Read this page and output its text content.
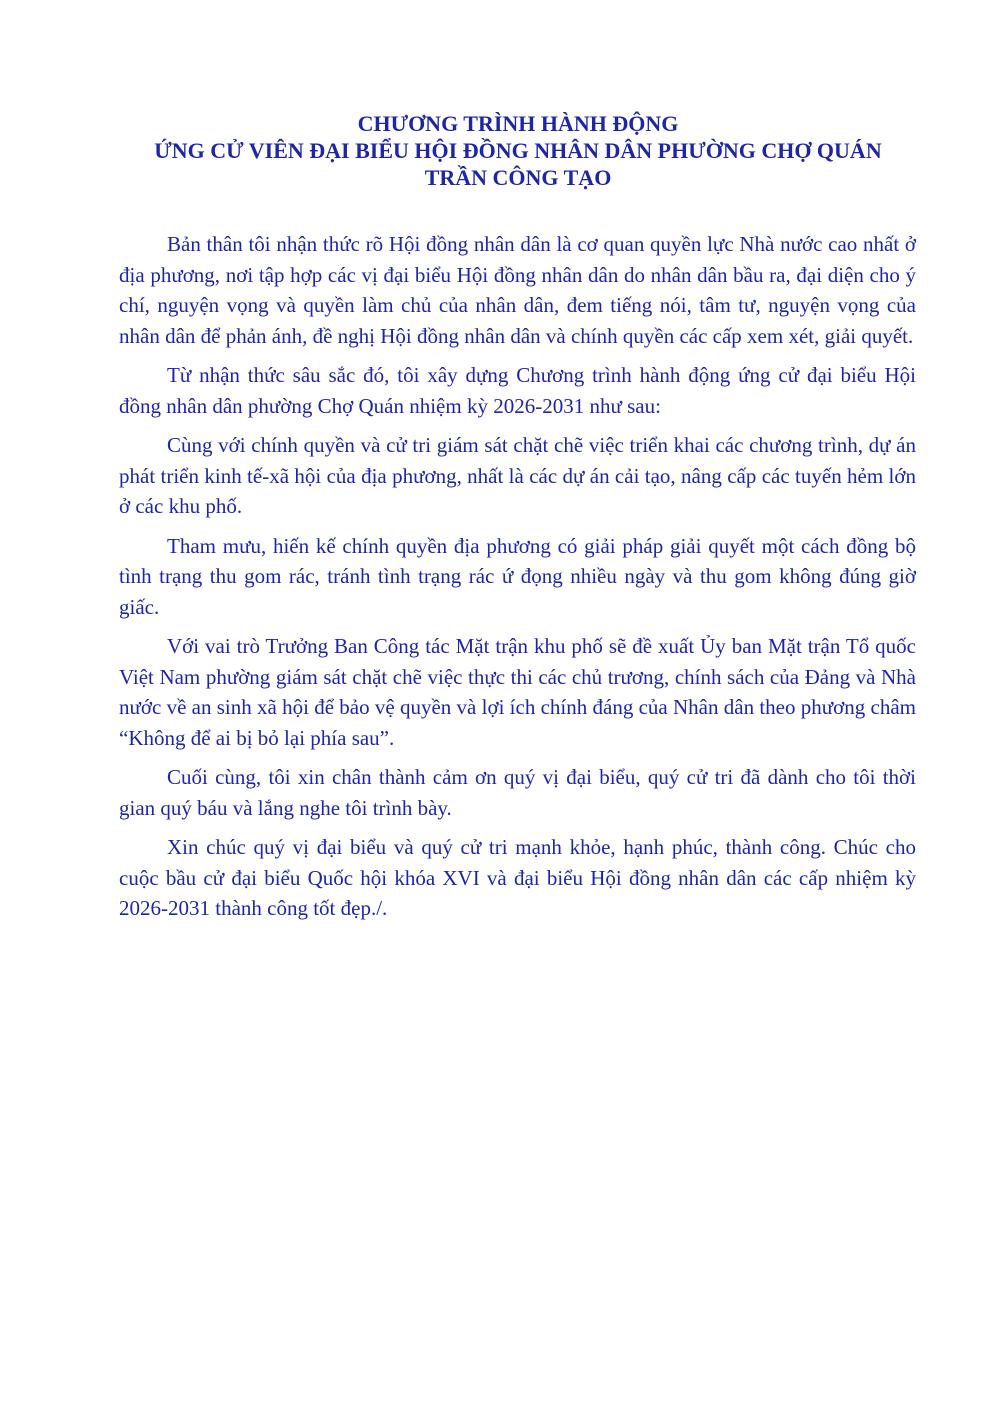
CHƯƠNG TRÌNH HÀNH ĐỘNG
ỨNG CỬ VIÊN ĐẠI BIỂU HỘI ĐỒNG NHÂN DÂN PHƯỜNG CHỢ QUÁN
TRẦN CÔNG TẠO

Bản thân tôi nhận thức rõ Hội đồng nhân dân là cơ quan quyền lực Nhà nước cao nhất ở địa phương, nơi tập hợp các vị đại biểu Hội đồng nhân dân do nhân dân bầu ra, đại diện cho ý chí, nguyện vọng và quyền làm chủ của nhân dân, đem tiếng nói, tâm tư, nguyện vọng của nhân dân để phản ánh, đề nghị Hội đồng nhân dân và chính quyền các cấp xem xét, giải quyết.

Từ nhận thức sâu sắc đó, tôi xây dựng Chương trình hành động ứng cử đại biểu Hội đồng nhân dân phường Chợ Quán nhiệm kỳ 2026-2031 như sau:

Cùng với chính quyền và cử tri giám sát chặt chẽ việc triển khai các chương trình, dự án phát triển kinh tế-xã hội của địa phương, nhất là các dự án cải tạo, nâng cấp các tuyến hẻm lớn ở các khu phố.

Tham mưu, hiến kế chính quyền địa phương có giải pháp giải quyết một cách đồng bộ tình trạng thu gom rác, tránh tình trạng rác ứ đọng nhiều ngày và thu gom không đúng giờ giấc.

Với vai trò Trưởng Ban Công tác Mặt trận khu phố sẽ đề xuất Ủy ban Mặt trận Tổ quốc Việt Nam phường giám sát chặt chẽ việc thực thi các chủ trương, chính sách của Đảng và Nhà nước về an sinh xã hội để bảo vệ quyền và lợi ích chính đáng của Nhân dân theo phương châm “Không để ai bị bỏ lại phía sau”.

Cuối cùng, tôi xin chân thành cảm ơn quý vị đại biểu, quý cử tri đã dành cho tôi thời gian quý báu và lắng nghe tôi trình bày.

Xin chúc quý vị đại biểu và quý cử tri mạnh khỏe, hạnh phúc, thành công. Chúc cho cuộc bầu cử đại biểu Quốc hội khóa XVI và đại biểu Hội đồng nhân dân các cấp nhiệm kỳ 2026-2031 thành công tốt đẹp./.
